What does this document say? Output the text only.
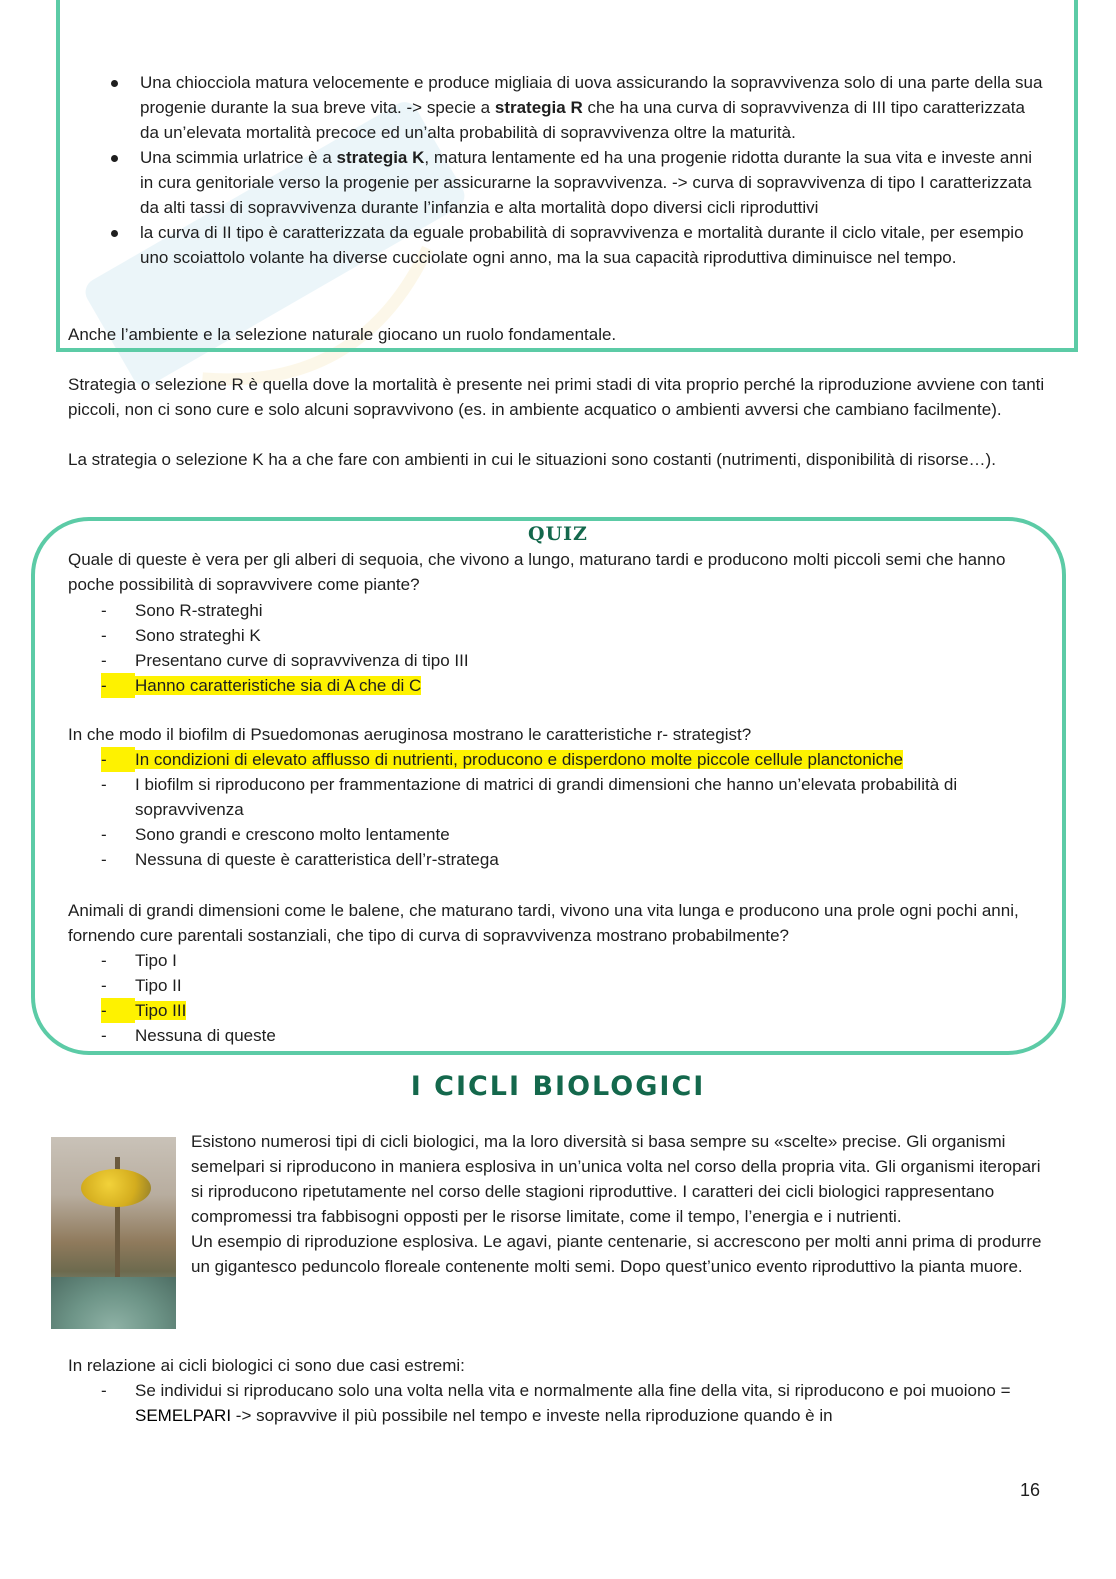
Una chiocciola matura velocemente e produce migliaia di uova assicurando la sopravvivenza solo di una parte della sua progenie durante la sua breve vita. -> specie a strategia R che ha una curva di sopravvivenza di III tipo caratterizzata da un’elevata mortalità precoce ed un’alta probabilità di sopravvivenza oltre la maturità.
Una scimmia urlatrice è a strategia K, matura lentamente ed ha una progenie ridotta durante la sua vita e investe anni in cura genitoriale verso la progenie per assicurarne la sopravvivenza. -> curva di sopravvivenza di tipo I caratterizzata da alti tassi di sopravvivenza durante l’infanzia e alta mortalità dopo diversi cicli riproduttivi
la curva di II tipo è caratterizzata da eguale probabilità di sopravvivenza e mortalità durante il ciclo vitale, per esempio uno scoiattolo volante ha diverse cucciolate ogni anno, ma la sua capacità riproduttiva diminuisce nel tempo.
Anche l’ambiente e la selezione naturale giocano un ruolo fondamentale.

Strategia o selezione R è quella dove la mortalità è presente nei primi stadi di vita proprio perché la riproduzione avviene con tanti piccoli, non ci sono cure e solo alcuni sopravvivono (es. in ambiente acquatico o ambienti avversi che cambiano facilmente).

La strategia o selezione K ha a che fare con ambienti in cui le situazioni sono costanti (nutrimenti, disponibilità di risorse…).

QUIZ
Quale di queste è vera per gli alberi di sequoia, che vivono a lungo, maturano tardi e producono molti piccoli semi che hanno poche possibilità di sopravvivere come piante?
- Sono R-strateghi
- Sono strateghi K
- Presentano curve di sopravvivenza di tipo III
- Hanno caratteristiche sia di A che di C
In che modo il biofilm di Psuedomonas aeruginosa mostrano le caratteristiche r- strategist?
- In condizioni di elevato afflusso di nutrienti, producono e disperdono molte piccole cellule planctoniche
- I biofilm si riproducono per frammentazione di matrici di grandi dimensioni che hanno un’elevata probabilità di sopravvivenza
- Sono grandi e crescono molto lentamente
- Nessuna di queste è caratteristica dell’r-stratega
Animali di grandi dimensioni come le balene, che maturano tardi, vivono una vita lunga e producono una prole ogni pochi anni, fornendo cure parentali sostanziali, che tipo di curva di sopravvivenza mostrano probabilmente?
- Tipo I
- Tipo II
- Tipo III
- Nessuna di queste
I CICLI BIOLOGICI
Esistono numerosi tipi di cicli biologici, ma la loro diversità si basa sempre su «scelte» precise. Gli organismi semelpari si riproducono in maniera esplosiva in un’unica volta nel corso della propria vita. Gli organismi iteropari si riproducono ripetutamente nel corso delle stagioni riproduttive. I caratteri dei cicli biologici rappresentano compromessi tra fabbisogni opposti per le risorse limitate, come il tempo, l’energia e i nutrienti.
Un esempio di riproduzione esplosiva. Le agavi, piante centenarie, si accrescono per molti anni prima di produrre un gigantesco peduncolo floreale contenente molti semi. Dopo quest’unico evento riproduttivo la pianta muore.
In relazione ai cicli biologici ci sono due casi estremi:
- Se individui si riproducano solo una volta nella vita e normalmente alla fine della vita, si riproducono e poi muoiono = SEMELPARI -> sopravvive il più possibile nel tempo e investe nella riproduzione quando è in
16
